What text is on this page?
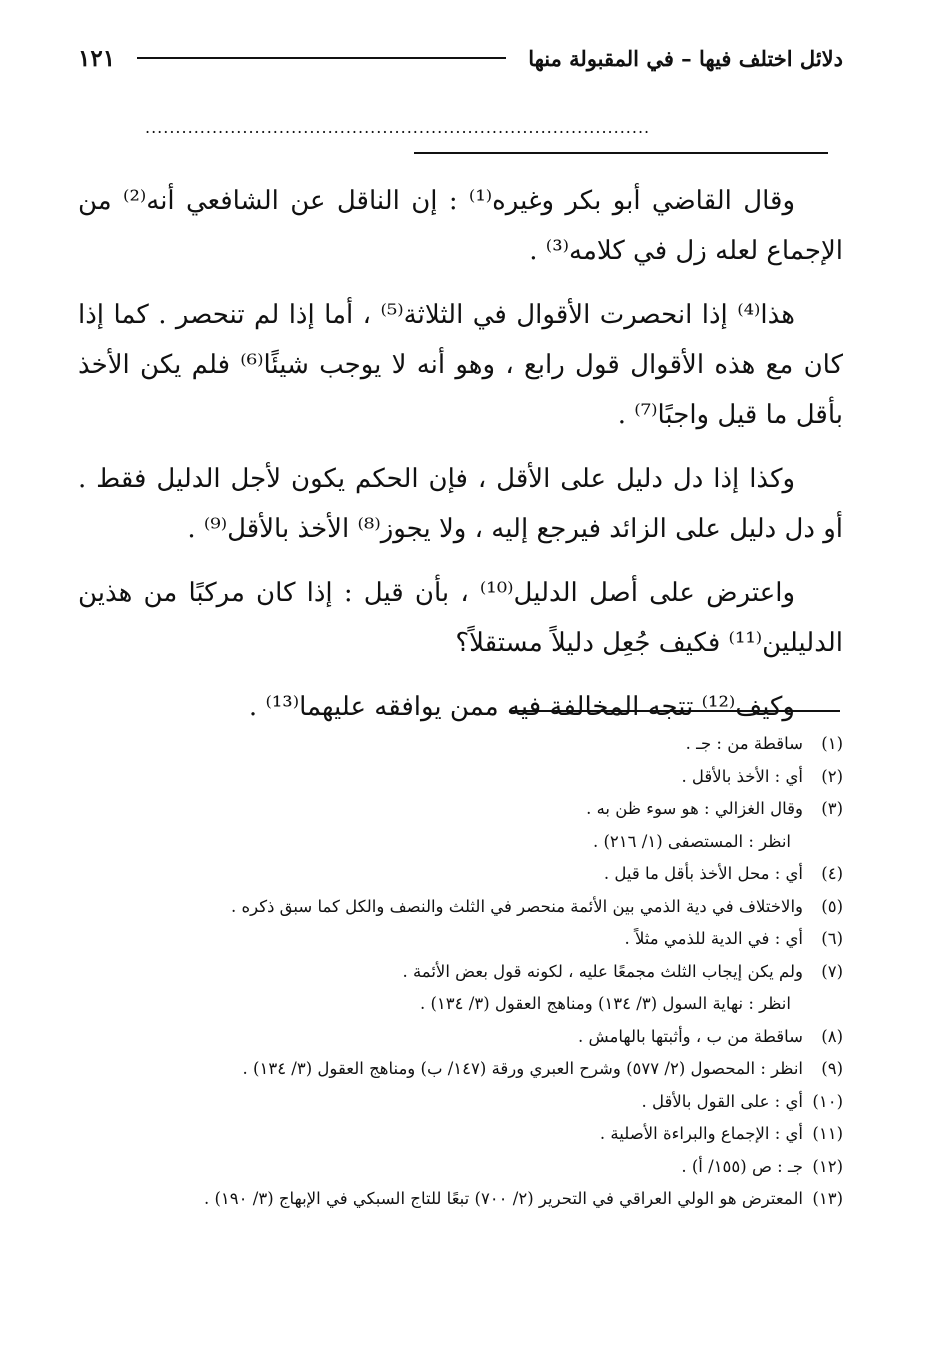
دلائل اختلف فيها – في المقبولة منها
١٢١
...................................................................................

وقال القاضي أبو بكر وغيره⁽¹⁾ : إن الناقل عن الشافعي أنه⁽²⁾ من الإجماع لعله زل في كلامه⁽³⁾ .

هذا⁽⁴⁾ إذا انحصرت الأقوال في الثلاثة⁽⁵⁾ ، أما إذا لم تنحصر . كما إذا كان مع هذه الأقوال قول رابع ، وهو أنه لا يوجب شيئًا⁽⁶⁾ فلم يكن الأخذ بأقل ما قيل واجبًا⁽⁷⁾ .

وكذا إذا دل دليل على الأقل ، فإن الحكم يكون لأجل الدليل فقط . أو دل دليل على الزائد فيرجع إليه ، ولا يجوز⁽⁸⁾ الأخذ بالأقل⁽⁹⁾ .

واعترض على أصل الدليل⁽¹⁰⁾ ، بأن قيل : إذا كان مركبًا من هذين الدليلين⁽¹¹⁾ فكيف جُعِل دليلاً مستقلاً؟

وكيف⁽¹²⁾ تتجه المخالفة فيه ممن يوافقه عليهما⁽¹³⁾ .

(١)
ساقطة من : جـ .
(٢)
أي : الأخذ بالأقل .
(٣)
وقال الغزالي : هو سوء ظن به .
انظر : المستصفى (١/ ٢١٦) .
(٤)
أي : محل الأخذ بأقل ما قيل .
(٥)
والاختلاف في دية الذمي بين الأئمة منحصر في الثلث والنصف والكل كما سبق ذكره .
(٦)
أي : في الدية للذمي مثلاً .
(٧)
ولم يكن إيجاب الثلث مجمعًا عليه ، لكونه قول بعض الأئمة .
انظر : نهاية السول (٣/ ١٣٤) ومناهج العقول (٣/ ١٣٤) .
(٨)
ساقطة من ب ، وأثبتها بالهامش .
(٩)
انظر : المحصول (٢/ ٥٧٧) وشرح العبري ورقة (١٤٧/ ب) ومناهج العقول (٣/ ١٣٤) .
(١٠)
أي : على القول بالأقل .
(١١)
أي : الإجماع والبراءة الأصلية .
(١٢)
جـ : ص (١٥٥/ أ) .
(١٣)
المعترض هو الولي العراقي في التحرير (٢/ ٧٠٠) تبعًا للتاج السبكي في الإبهاج (٣/ ١٩٠) .
